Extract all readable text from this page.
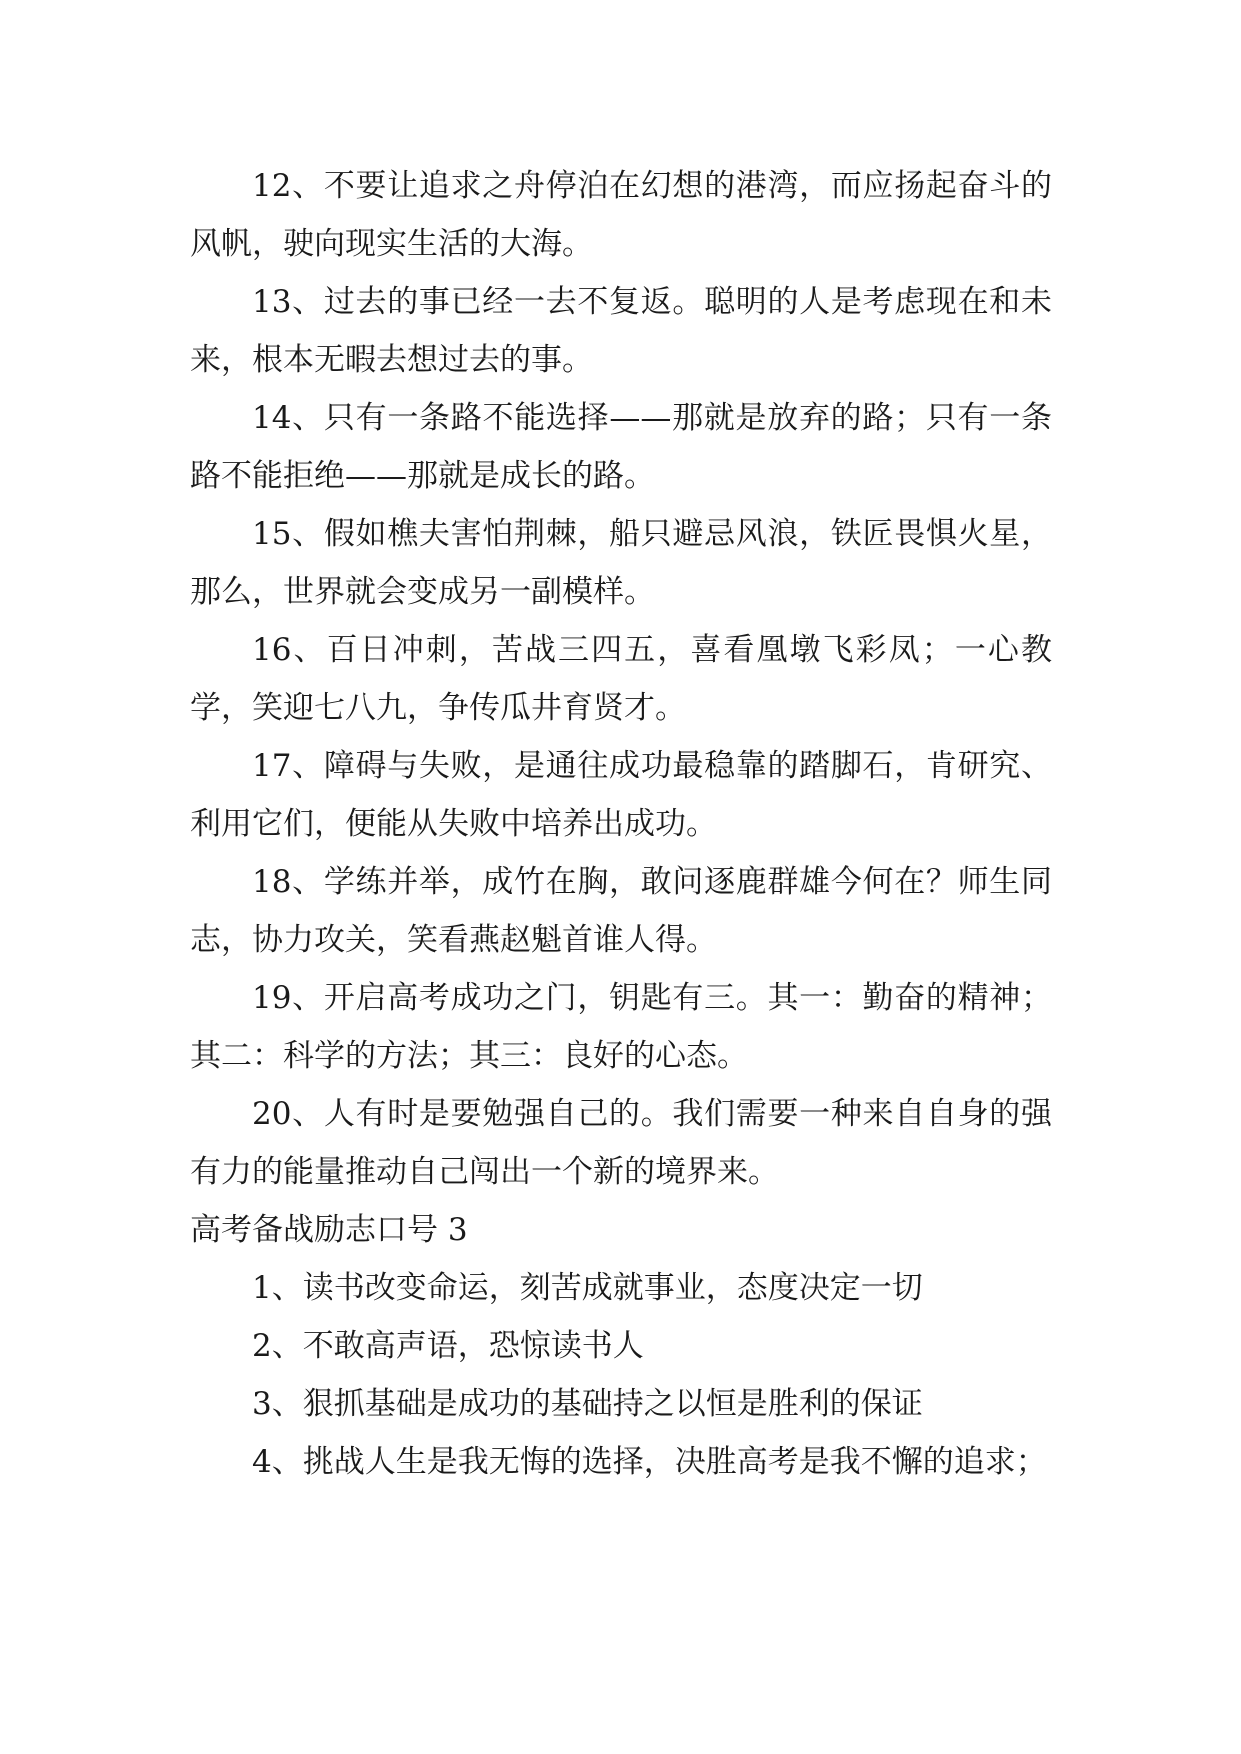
12、不要让追求之舟停泊在幻想的港湾，而应扬起奋斗的风帆，驶向现实生活的大海。

13、过去的事已经一去不复返。聪明的人是考虑现在和未来，根本无暇去想过去的事。

14、只有一条路不能选择——那就是放弃的路；只有一条路不能拒绝——那就是成长的路。

15、假如樵夫害怕荆棘，船只避忌风浪，铁匠畏惧火星，那么，世界就会变成另一副模样。

16、百日冲刺，苦战三四五，喜看凰墩飞彩凤；一心教学，笑迎七八九，争传瓜井育贤才。

17、障碍与失败，是通往成功最稳靠的踏脚石，肯研究、利用它们，便能从失败中培养出成功。

18、学练并举，成竹在胸，敢问逐鹿群雄今何在？师生同志，协力攻关，笑看燕赵魁首谁人得。

19、开启高考成功之门，钥匙有三。其一：勤奋的精神；其二：科学的方法；其三：良好的心态。

20、人有时是要勉强自己的。我们需要一种来自自身的强有力的能量推动自己闯出一个新的境界来。

高考备战励志口号 3

1、读书改变命运，刻苦成就事业，态度决定一切

2、不敢高声语，恐惊读书人

3、狠抓基础是成功的基础持之以恒是胜利的保证

4、挑战人生是我无悔的选择，决胜高考是我不懈的追求；
